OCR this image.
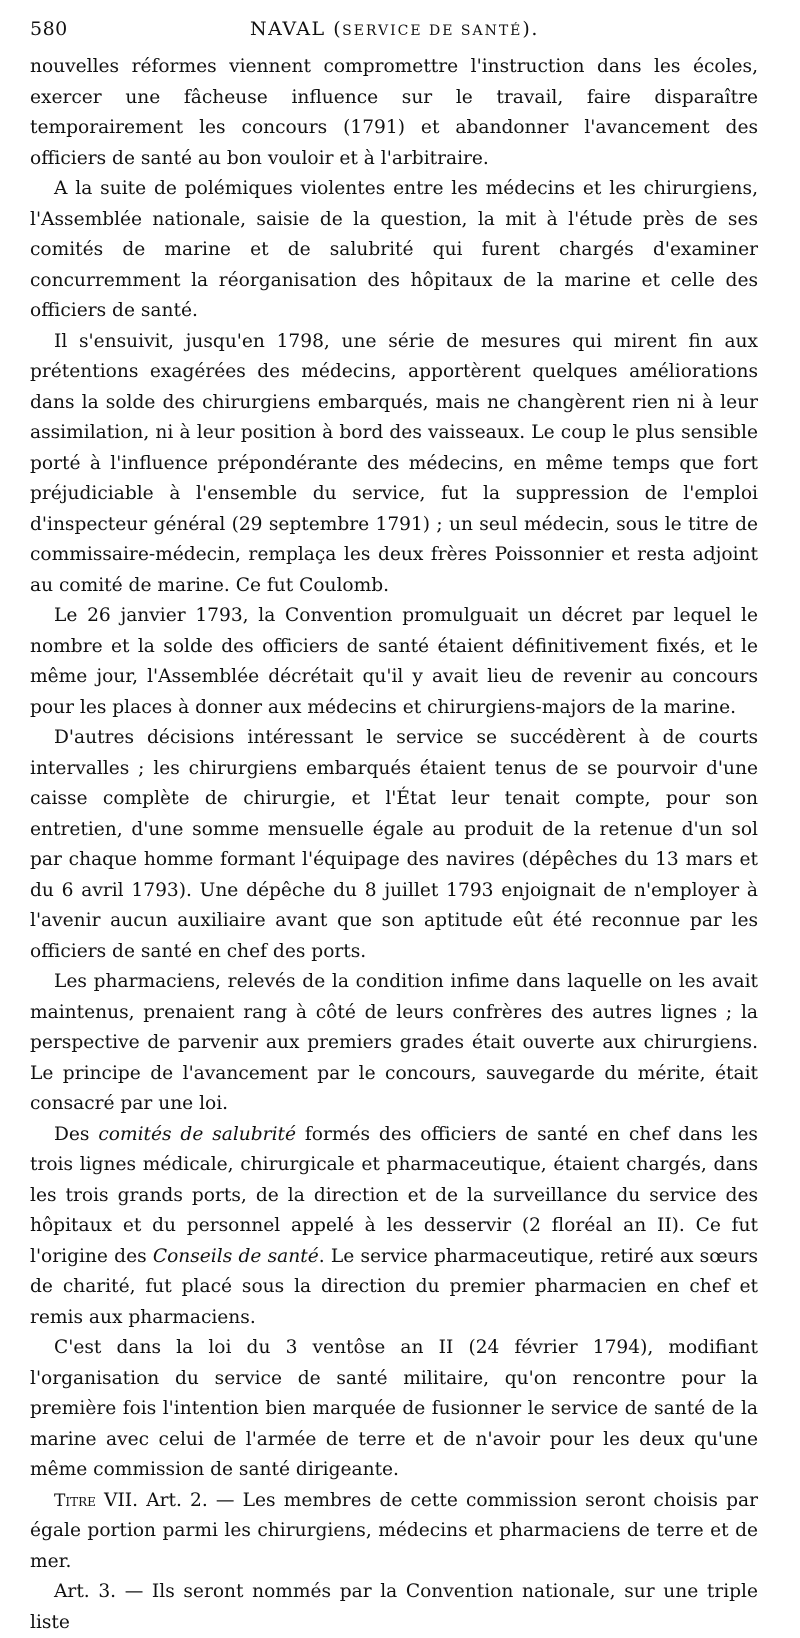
580	NAVAL (SERVICE DE SANTÉ).

nouvelles réformes viennent compromettre l'instruction dans les écoles, exercer une fâcheuse influence sur le travail, faire disparaître temporairement les concours (1791) et abandonner l'avancement des officiers de santé au bon vouloir et à l'arbitraire.

A la suite de polémiques violentes entre les médecins et les chirurgiens, l'Assemblée nationale, saisie de la question, la mit à l'étude près de ses comités de marine et de salubrité qui furent chargés d'examiner concurremment la réorganisation des hôpitaux de la marine et celle des officiers de santé.

Il s'ensuivit, jusqu'en 1798, une série de mesures qui mirent fin aux prétentions exagérées des médecins, apportèrent quelques améliorations dans la solde des chirurgiens embarqués, mais ne changèrent rien ni à leur assimilation, ni à leur position à bord des vaisseaux. Le coup le plus sensible porté à l'influence prépondérante des médecins, en même temps que fort préjudiciable à l'ensemble du service, fut la suppression de l'emploi d'inspecteur général (29 septembre 1791) ; un seul médecin, sous le titre de commissaire-médecin, remplaça les deux frères Poissonnier et resta adjoint au comité de marine. Ce fut Coulomb.

Le 26 janvier 1793, la Convention promulguait un décret par lequel le nombre et la solde des officiers de santé étaient définitivement fixés, et le même jour, l'Assemblée décrétait qu'il y avait lieu de revenir au concours pour les places à donner aux médecins et chirurgiens-majors de la marine.

D'autres décisions intéressant le service se succédèrent à de courts intervalles ; les chirurgiens embarqués étaient tenus de se pourvoir d'une caisse complète de chirurgie, et l'État leur tenait compte, pour son entretien, d'une somme mensuelle égale au produit de la retenue d'un sol par chaque homme formant l'équipage des navires (dépêches du 13 mars et du 6 avril 1793). Une dépêche du 8 juillet 1793 enjoignait de n'employer à l'avenir aucun auxiliaire avant que son aptitude eût été reconnue par les officiers de santé en chef des ports.

Les pharmaciens, relevés de la condition infime dans laquelle on les avait maintenus, prenaient rang à côté de leurs confrères des autres lignes ; la perspective de parvenir aux premiers grades était ouverte aux chirurgiens. Le principe de l'avancement par le concours, sauvegarde du mérite, était consacré par une loi.

Des comités de salubrité formés des officiers de santé en chef dans les trois lignes médicale, chirurgicale et pharmaceutique, étaient chargés, dans les trois grands ports, de la direction et de la surveillance du service des hôpitaux et du personnel appelé à les desservir (2 floréal an II). Ce fut l'origine des Conseils de santé. Le service pharmaceutique, retiré aux sœurs de charité, fut placé sous la direction du premier pharmacien en chef et remis aux pharmaciens.

C'est dans la loi du 3 ventôse an II (24 février 1794), modifiant l'organisation du service de santé militaire, qu'on rencontre pour la première fois l'intention bien marquée de fusionner le service de santé de la marine avec celui de l'armée de terre et de n'avoir pour les deux qu'une même commission de santé dirigeante.

Titre VII. Art. 2. — Les membres de cette commission seront choisis par égale portion parmi les chirurgiens, médecins et pharmaciens de terre et de mer.

Art. 3. — Ils seront nommés par la Convention nationale, sur une triple liste
